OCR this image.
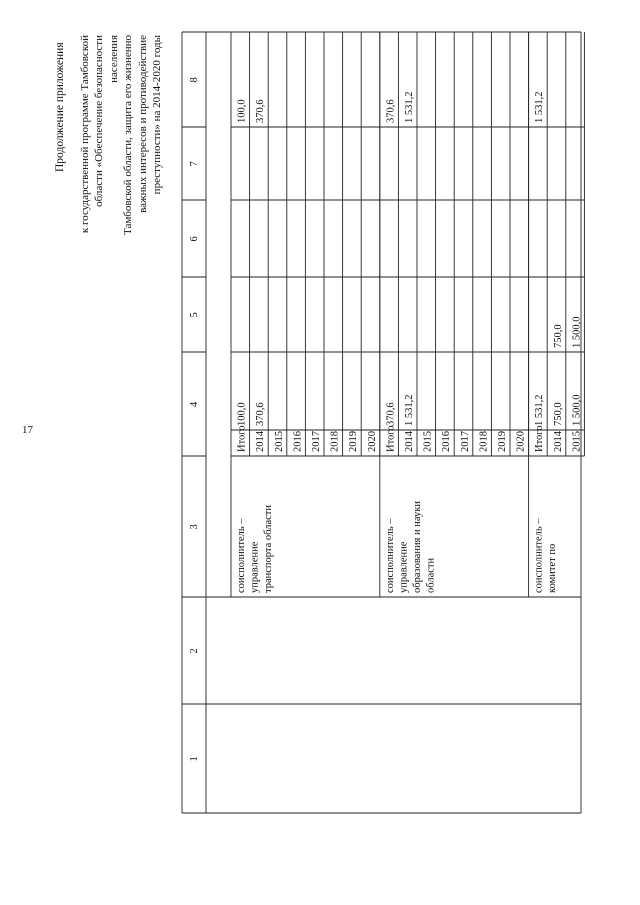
17
Продолжение приложения к государственной программе Тамбовской области «Обеспечение безопасности населения Тамбовской области, защита его жизненно важных интересов и противодействие преступности» на 2014-2020 годы
1
2
3
4
5
6
7
8
Итого
100,0
100,0
2014
370,6
370,6
2015 2016 2017 2018 2019 2020
соисполнитель – управление транспорта области
Итого
370,6
370,6
2014
1 531,2
1 531,2
2015 2016 2017 2018 2019 2020
соисполнитель – управление образования и науки области
Итого
1 531,2
1 531,2
2014
750,0
750,0
2015
1 500,0
1 500,0
соисполнитель – комитет по
